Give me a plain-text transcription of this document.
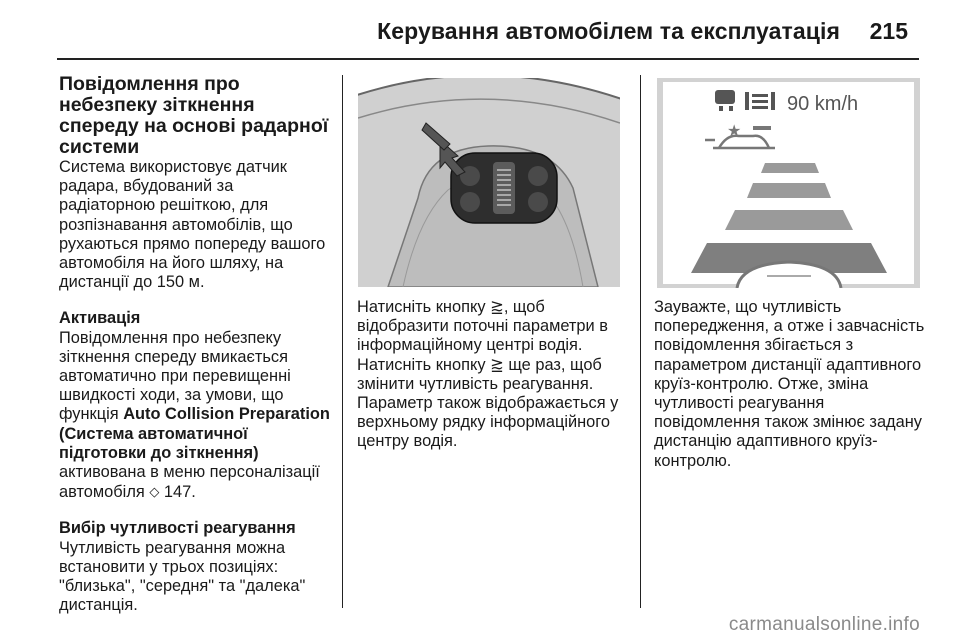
Керування автомобілем та експлуатація 215
Повідомлення про небезпеку зіткнення спереду на основі радарної системи

Система використовує датчик радара, вбудований за радіаторною решіткою, для розпізнавання автомобілів, що рухаються прямо попереду вашого автомобіля на його шляху, на дистанції до 150 м.

Активація

Повідомлення про небезпеку зіткнення спереду вмикається автоматично при перевищенні швидкості ходи, за умови, що функція Auto Collision Preparation (Система автоматичної підготовки до зіткнення) активована в меню персоналізації автомобіля ◇ 147.

Вибір чутливості реагування

Чутливість реагування можна встановити у трьох позиціях: "близька", "середня" та "далека" дистанція.

90 km/h
★

Натисніть кнопку ⪎, щоб відобразити поточні параметри в інформаційному центрі водія.

Натисніть кнопку ⪎ ще раз, щоб змінити чутливість реагування. Параметр також відображається у верхньому рядку інформаційного центру водія.

Зауважте, що чутливість попередження, а отже і завчасність повідомлення збігається з параметром дистанції адаптивного круїз-контролю. Отже, зміна чутливості реагування повідомлення також змінює задану дистанцію адаптивного круїз-контролю.

carmanualsonline.info
